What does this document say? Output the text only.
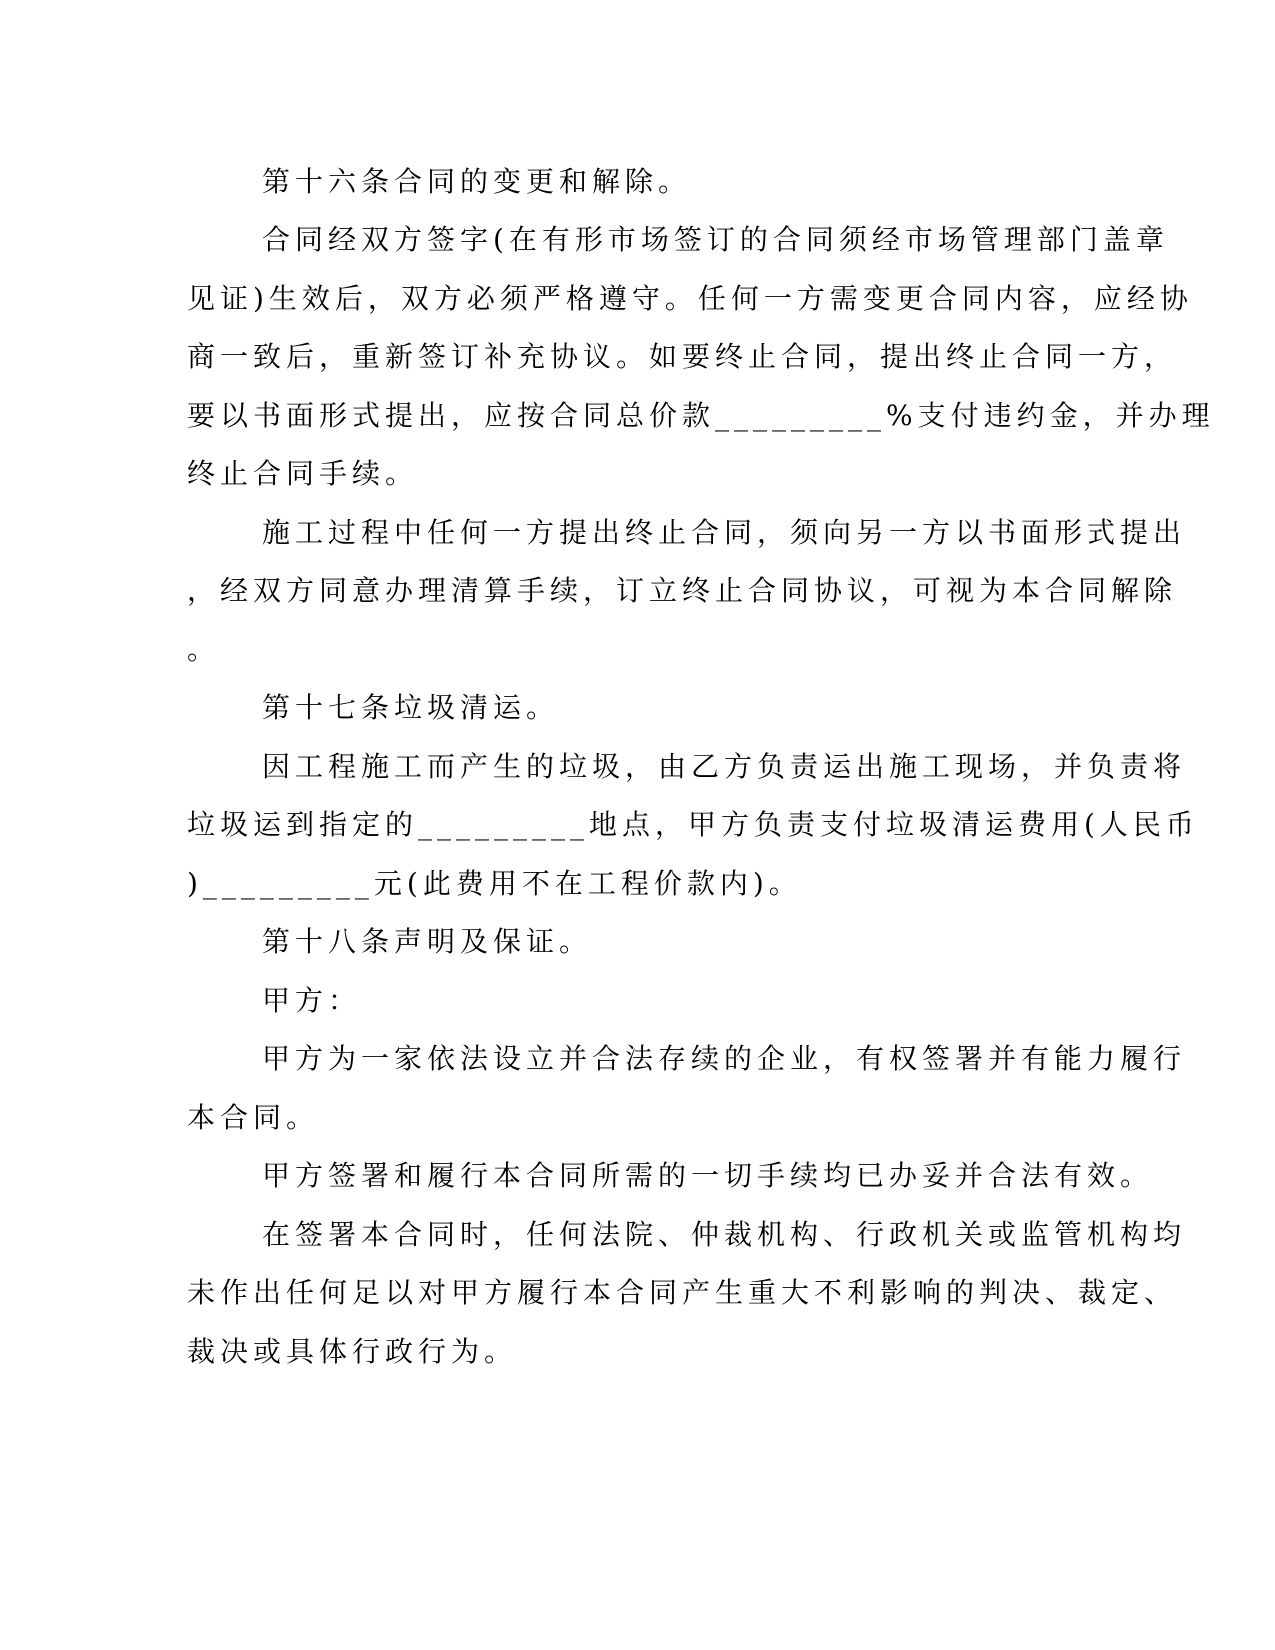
第十六条合同的变更和解除。
合同经双方签字(在有形市场签订的合同须经市场管理部门盖章
见证)生效后，双方必须严格遵守。任何一方需变更合同内容，应经协
商一致后，重新签订补充协议。如要终止合同，提出终止合同一方，
要以书面形式提出，应按合同总价款_________%支付违约金，并办理
终止合同手续。
施工过程中任何一方提出终止合同，须向另一方以书面形式提出
，经双方同意办理清算手续，订立终止合同协议，可视为本合同解除
。
第十七条垃圾清运。
因工程施工而产生的垃圾，由乙方负责运出施工现场，并负责将
垃圾运到指定的_________地点，甲方负责支付垃圾清运费用(人民币
)_________元(此费用不在工程价款内)。
第十八条声明及保证。
甲方：
甲方为一家依法设立并合法存续的企业，有权签署并有能力履行
本合同。
甲方签署和履行本合同所需的一切手续均已办妥并合法有效。
在签署本合同时，任何法院、仲裁机构、行政机关或监管机构均
未作出任何足以对甲方履行本合同产生重大不利影响的判决、裁定、
裁决或具体行政行为。
